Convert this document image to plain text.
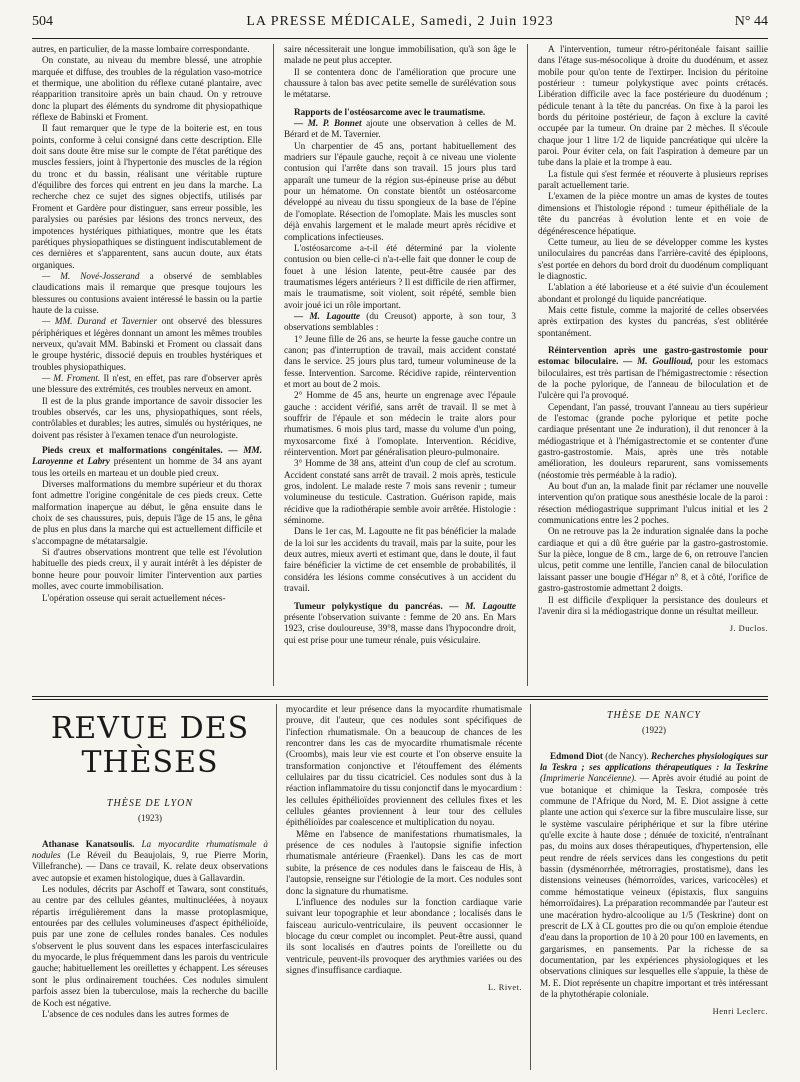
504	LA PRESSE MÉDICALE, Samedi, 2 Juin 1923	N° 44

autres, en particulier, de la masse lombaire correspondante.

On constate, au niveau du membre blessé, une atrophie marquée et diffuse, des troubles de la régulation vaso-motrice et thermique, une abolition du réflexe cutané plantaire, avec réapparition transitoire après un bain chaud. On y retrouve donc la plupart des éléments du syndrome dit physiopathique réflexe de Babinski et Froment.

Il faut remarquer que le type de la boiterie est, en tous points, conforme à celui consigné dans cette description. Elle doit sans doute être mise sur le compte de l'état parétique des muscles fessiers, joint à l'hypertonie des muscles de la région du tronc et du bassin, réalisant une véritable rupture d'équilibre des forces qui entrent en jeu dans la marche. La recherche chez ce sujet des signes objectifs, utilisés par Froment et Gardère pour distinguer, sans erreur possible, les paralysies ou parésies par lésions des troncs nerveux, des impotences hystériques pithiatiques, montre que les états parétiques physiopathiques se distinguent indiscutablement de ces dernières et s'apparentent, sans aucun doute, aux états organiques.

— M. Nové-Josserand a observé de semblables claudications mais il remarque que presque toujours les blessures ou contusions avaient intéressé le bassin ou la partie haute de la cuisse.

— MM. Durand et Tavernier ont observé des blessures périphériques et légères donnant un amont les mêmes troubles nerveux, qu'avait MM. Babinski et Froment ou classait dans le groupe hystéric, dissocié depuis en troubles hystériques et troubles physiopathiques.

— M. Froment. Il n'est, en effet, pas rare d'observer après une blessure des extrémités, ces troubles nerveux en amont.

Il est de la plus grande importance de savoir dissocier les troubles observés, car les uns, physiopathiques, sont réels, contrôlables et durables; les autres, simulés ou hystériques, ne doivent pas résister à l'examen tenace d'un neurologiste.

Pieds creux et malformations congénitales. — MM. Laroyenne et Labry présentent un homme de 34 ans ayant tous les orteils en marteau et un double pied creux.

Diverses malformations du membre supérieur et du thorax font admettre l'origine congénitale de ces pieds creux. Cette malformation inaperçue au début, le gêna ensuite dans le choix de ses chaussures, puis, depuis l'âge de 15 ans, le gêna de plus en plus dans la marche qui est actuellement difficile et s'accompagne de métatarsalgie.

Si d'autres observations montrent que telle est l'évolution habituelle des pieds creux, il y aurait intérêt à les dépister de bonne heure pour pouvoir limiter l'intervention aux parties molles, avec courte immobilisation.

L'opération osseuse qui serait actuellement néces-

saire nécessiterait une longue immobilisation, qu'à son âge le malade ne peut plus accepter.

Il se contentera donc de l'amélioration que procure une chaussure à talon bas avec petite semelle de surélévation sous le métatarse.

Rapports de l'ostéosarcome avec le traumatisme.

— M. P. Bonnet ajoute une observation à celles de M. Bérard et de M. Tavernier.

Un charpentier de 45 ans, portant habituellement des madriers sur l'épaule gauche, reçoit à ce niveau une violente contusion qui l'arrête dans son travail. 15 jours plus tard apparaît une tumeur de la région sus-épineuse prise au début pour un hématome. On constate bientôt un ostéosarcome développé au niveau du tissu spongieux de la base de l'épine de l'omoplate. Résection de l'omoplate. Mais les muscles sont déjà envahis largement et le malade meurt après récidive et complications infectieuses.

L'ostéosarcome a-t-il été déterminé par la violente contusion ou bien celle-ci n'a-t-elle fait que donner le coup de fouet à une lésion latente, peut-être causée par des traumatismes légers antérieurs ? Il est difficile de rien affirmer, mais le traumatisme, soit violent, soit répété, semble bien avoir joué ici un rôle important.

— M. Lagoutte (du Creusot) apporte, à son tour, 3 observations semblables :

1° Jeune fille de 26 ans, se heurte la fesse gauche contre un canon; pas d'interruption de travail, mais accident constaté dans le service. 25 jours plus tard, tumeur volumineuse de la fesse. Intervention. Sarcome. Récidive rapide, réintervention et mort au bout de 2 mois.

2° Homme de 45 ans, heurte un engrenage avec l'épaule gauche : accident vérifié, sans arrêt de travail. Il se met à souffrir de l'épaule et son médecin le traite alors pour rhumatismes. 6 mois plus tard, masse du volume d'un poing, myxosarcome fixé à l'omoplate. Intervention. Récidive, réintervention. Mort par généralisation pleuro-pulmonaire.

3° Homme de 38 ans, atteint d'un coup de clef au scrotum. Accident constaté sans arrêt de travail. 2 mois après, testicule gros, indolent. Le malade reste 7 mois sans revenir ; tumeur volumineuse du testicule. Castration. Guérison rapide, mais récidive que la radiothérapie semble avoir arrêtée. Histologie : séminome.

Dans le 1er cas, M. Lagoutte ne fit pas bénéficier la malade de la loi sur les accidents du travail, mais par la suite, pour les deux autres, mieux averti et estimant que, dans le doute, il faut faire bénéficier la victime de cet ensemble de probabilités, il considéra les lésions comme consécutives à un accident du travail.

Tumeur polykystique du pancréas. — M. Lagoutte présente l'observation suivante : femme de 20 ans. En Mars 1923, crise douloureuse, 39°8, masse dans l'hypocondre droit, qui est prise pour une tumeur rénale, puis vésiculaire.

A l'intervention, tumeur rétro-péritonéale faisant saillie dans l'étage sus-mésocolique à droite du duodénum, et assez mobile pour qu'on tente de l'extirper. Incision du péritoine postérieur : tumeur polykystique avec points crétacés. Libération difficile avec la face postérieure du duodénum ; pédicule tenant à la tête du pancréas. On fixe à la paroi les bords du péritoine postérieur, de façon à exclure la cavité occupée par la tumeur. On draine par 2 mèches. Il s'écoule chaque jour 1 litre 1/2 de liquide pancréatique qui ulcère la paroi. Pour éviter cela, on fait l'aspiration à demeure par un tube dans la plaie et la trompe à eau.

La fistule qui s'est fermée et réouverte à plusieurs reprises paraît actuellement tarie.

L'examen de la pièce montre un amas de kystes de toutes dimensions et l'histologie répond : tumeur épithéliale de la tête du pancréas à évolution lente et en voie de dégénérescence hépatique.

Cette tumeur, au lieu de se développer comme les kystes uniloculaires du pancréas dans l'arrière-cavité des épiploons, s'est portée en dehors du bord droit du duodénum compliquant le diagnostic.

L'ablation a été laborieuse et a été suivie d'un écoulement abondant et prolongé du liquide pancréatique.

Mais cette fistule, comme la majorité de celles observées après extirpation des kystes du pancréas, s'est oblitérée spontanément.

Réintervention après une gastro-gastrostomie pour estomac biloculaire. — M. Goullioud, pour les estomacs biloculaires, est très partisan de l'hémigastrectomie : résection de la poche pylorique, de l'anneau de biloculation et de l'ulcère qui l'a provoqué.

Cependant, l'an passé, trouvant l'anneau au tiers supérieur de l'estomac (grande poche pylorique et petite poche cardiaque présentant une 2e induration), il dut renoncer à la médiogastrique et à l'hémigastrectomie et se contenter d'une gastro-gastrostomie. Mais, après une très notable amélioration, les douleurs reparurent, sans vomissements (néostomie très perméable à la radio).

Au bout d'un an, la malade finit par réclamer une nouvelle intervention qu'on pratique sous anesthésie locale de la paroi : résection médiogastrique supprimant l'ulcus initial et les 2 communications entre les 2 poches.

On ne retrouve pas la 2e induration signalée dans la poche cardiaque et qui a dû être guérie par la gastro-gastrostomie. Sur la pièce, longue de 8 cm., large de 6, on retrouve l'ancien ulcus, petit comme une lentille, l'ancien canal de biloculation laissant passer une bougie d'Hégar n° 8, et à côté, l'orifice de gastro-gastrostomie admettant 2 doigts.

Il est difficile d'expliquer la persistance des douleurs et l'avenir dira si la médiogastrique donne un résultat meilleur.

J. Duclos.
REVUE DES THÈSES
THÈSE DE LYON
(1923)

Athanase Kanatsoulis. La myocardite rhumatismale à nodules (Le Réveil du Beaujolais, 9, rue Pierre Morin, Villefranche). — Dans ce travail, K. relate deux observations avec autopsie et examen histologique, dues à Gallavardin.

Les nodules, décrits par Aschoff et Tawara, sont constitués, au centre par des cellules géantes, multinucléées, à noyaux répartis irrégulièrement dans la masse protoplasmique, entourées par des cellules volumineuses d'aspect épithélioïde, puis par une zone de cellules rondes banales. Ces nodules s'observent le plus souvent dans les espaces interfasciculaires du myocarde, le plus fréquemment dans les parois du ventricule gauche; habituellement les oreillettes y échappent. Les séreuses sont le plus ordinairement touchées. Ces nodules simulent parfois assez bien la tuberculose, mais la recherche du bacille de Koch est négative.

L'absence de ces nodules dans les autres formes de

myocardite et leur présence dans la myocardite rhumatismale prouve, dit l'auteur, que ces nodules sont spécifiques de l'infection rhumatismale. On a beaucoup de chances de les rencontrer dans les cas de myocardite rhumatismale récente (Croombs), mais leur vie est courte et l'on observe ensuite la transformation conjonctive et l'étouffement des éléments cellulaires par du tissu cicatriciel. Ces nodules sont dus à la réaction inflammatoire du tissu conjonctif dans le myocardium : les cellules épithélioïdes proviennent des cellules fixes et les cellules géantes proviennent à leur tour des cellules épithélioïdes par coalescence et multiplication du noyau.

Même en l'absence de manifestations rhumatismales, la présence de ces nodules à l'autopsie signifie infection rhumatismale antérieure (Fraenkel). Dans les cas de mort subite, la présence de ces nodules dans le faisceau de His, à l'autopsie, renseigne sur l'étiologie de la mort. Ces nodules sont donc la signature du rhumatisme.

L'influence des nodules sur la fonction cardiaque varie suivant leur topographie et leur abondance ; localisés dans le faisceau auriculo-ventriculaire, ils peuvent occasionner le blocage du cœur complet ou incomplet. Peut-être aussi, quand ils sont localisés en d'autres points de l'oreillette ou du ventricule, peuvent-ils provoquer des arythmies variées ou des signes d'insuffisance cardiaque.

L. Rivet.
THÈSE DE NANCY
(1922)

Edmond Diot (de Nancy). Recherches physiologiques sur la Teskra ; ses applications thérapeutiques : la Teskrine (Imprimerie Nancéienne). — Après avoir étudié au point de vue botanique et chimique la Teskra, composée très commune de l'Afrique du Nord, M. E. Diot assigne à cette plante une action qui s'exerce sur la fibre musculaire lisse, sur le système vasculaire périphérique et sur la fibre utérine qu'elle excite à haute dose ; dénuée de toxicité, n'entraînant pas, du moins aux doses thérapeutiques, d'hypertension, elle peut rendre de réels services dans les congestions du petit bassin (dysménorrhée, métrorragies, prostatisme), dans les distensions veineuses (hémorroïdes, varices, varicocèles) et comme hémostatique veineux (épistaxis, flux sanguins hémorroïdaires). La préparation recommandée par l'auteur est une macération hydro-alcoolique au 1/5 (Teskrine) dont on prescrit de LX à CL gouttes pro die ou qu'on emploie étendue d'eau dans la proportion de 10 à 20 pour 100 en lavements, en gargarismes, en pansements. Par la richesse de sa documentation, par les expériences physiologiques et les observations cliniques sur lesquelles elle s'appuie, la thèse de M. E. Diot représente un chapitre important et très intéressant de la phytothérapie coloniale.

Henri Leclerc.
